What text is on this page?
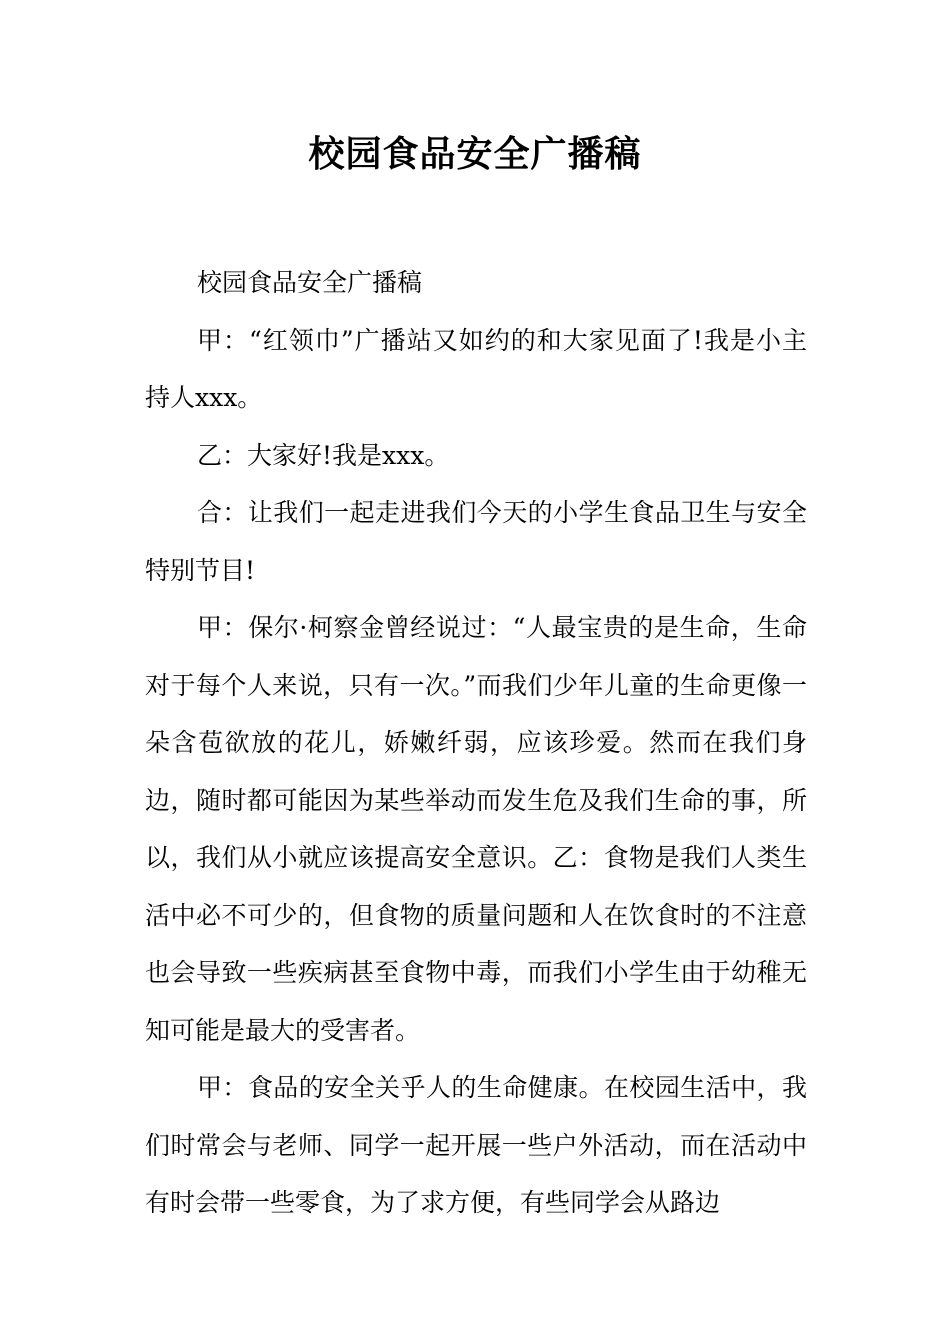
校园食品安全广播稿

校园食品安全广播稿

甲：“红领巾”广播站又如约的和大家见面了!我是小主持人xxx。

乙：大家好!我是xxx。

合：让我们一起走进我们今天的小学生食品卫生与安全特别节目!

甲：保尔·柯察金曾经说过：“人最宝贵的是生命，生命对于每个人来说，只有一次。”而我们少年儿童的生命更像一朵含苞欲放的花儿，娇嫩纤弱，应该珍爱。然而在我们身边，随时都可能因为某些举动而发生危及我们生命的事，所以，我们从小就应该提高安全意识。乙：食物是我们人类生活中必不可少的，但食物的质量问题和人在饮食时的不注意也会导致一些疾病甚至食物中毒，而我们小学生由于幼稚无知可能是最大的受害者。

甲：食品的安全关乎人的生命健康。在校园生活中，我们时常会与老师、同学一起开展一些户外活动，而在活动中有时会带一些零食，为了求方便，有些同学会从路边
